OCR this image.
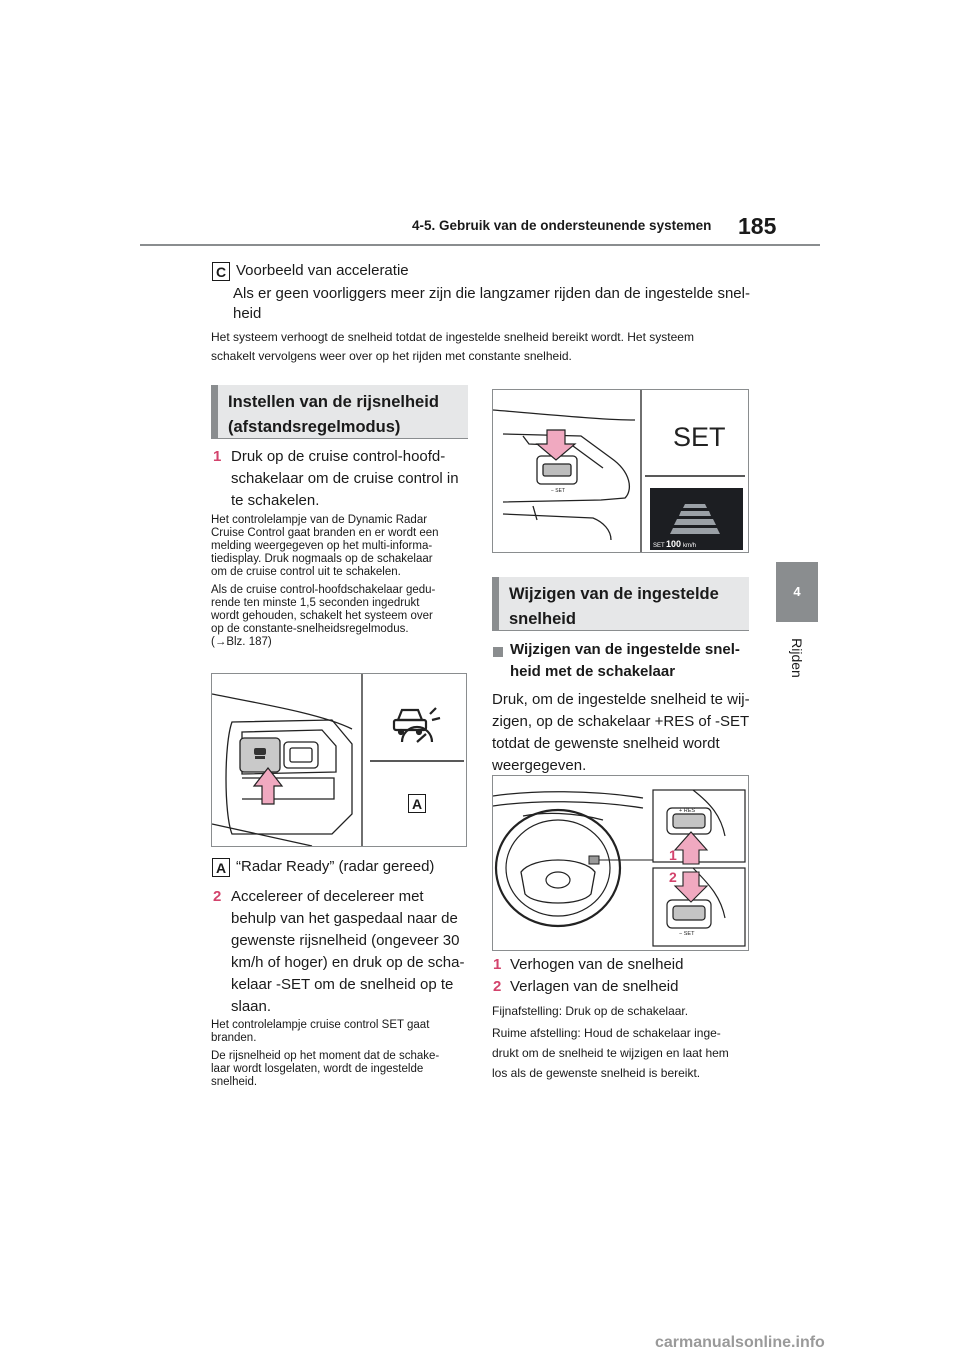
4-5. Gebruik van de ondersteunende systemen 185
4
Rijden
C Voorbeeld van acceleratie
Als er geen voorliggers meer zijn die langzamer rijden dan de ingestelde snel-
heid
Het systeem verhoogt de snelheid totdat de ingestelde snelheid bereikt wordt. Het systeem
schakelt vervolgens weer over op het rijden met constante snelheid.
Instellen van de rijsnelheid
(afstandsregelmodus)
1 Druk op de cruise control-hoofd-
schakelaar om de cruise control in
te schakelen.
Het controlelampje van de Dynamic Radar
Cruise Control gaat branden en er wordt een
melding weergegeven op het multi-informa-
tiedisplay. Druk nogmaals op de schakelaar
om de cruise control uit te schakelen.
Als de cruise control-hoofdschakelaar gedu-
rende ten minste 1,5 seconden ingedrukt
wordt gehouden, schakelt het systeem over
op de constante-snelheidsregelmodus.
(→Blz. 187)
A
A “Radar Ready” (radar gereed)
2 Accelereer of decelereer met
behulp van het gaspedaal naar de
gewenste rijsnelheid (ongeveer 30
km/h of hoger) en druk op de scha-
kelaar -SET om de snelheid op te
slaan.
Het controlelampje cruise control SET gaat
branden.
De rijsnelheid op het moment dat de schake-
laar wordt losgelaten, wordt de ingestelde
snelheid.
− SET
SET
SET 100 km/h
Wijzigen van de ingestelde
snelheid
Wijzigen van de ingestelde snel-
heid met de schakelaar
Druk, om de ingestelde snelheid te wij-
zigen, op de schakelaar +RES of -SET
totdat de gewenste snelheid wordt
weergegeven.
+ RES
− SET
1
2
1 Verhogen van de snelheid
2 Verlagen van de snelheid
Fijnafstelling: Druk op de schakelaar.
Ruime afstelling: Houd de schakelaar inge-
drukt om de snelheid te wijzigen en laat hem
los als de gewenste snelheid is bereikt.
carmanualsonline.info
